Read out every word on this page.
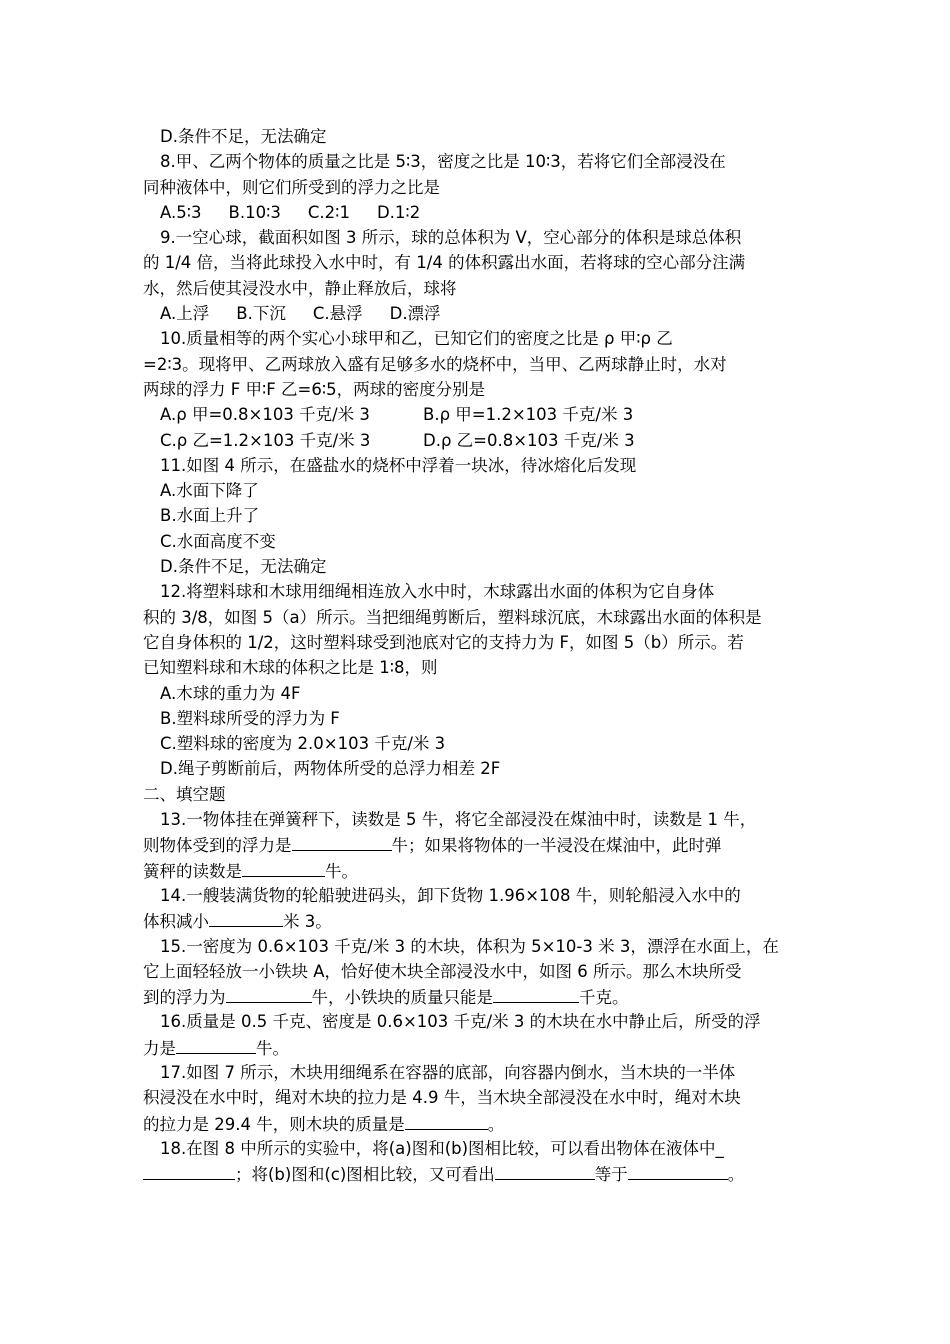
D.条件不足，无法确定
8.甲、乙两个物体的质量之比是 5∶3，密度之比是 10∶3，若将它们全部浸没在
同种液体中，则它们所受到的浮力之比是
A.5∶3 B.10∶3 C.2∶1 D.1∶2
9.一空心球，截面积如图 3 所示，球的总体积为 V，空心部分的体积是球总体积
的 1/4 倍，当将此球投入水中时，有 1/4 的体积露出水面，若将球的空心部分注满
水，然后使其浸没水中，静止释放后，球将
A.上浮 B.下沉 C.悬浮 D.漂浮
10.质量相等的两个实心小球甲和乙，已知它们的密度之比是 ρ 甲∶ρ 乙
=2∶3。现将甲、乙两球放入盛有足够多水的烧杯中，当甲、乙两球静止时，水对
两球的浮力 F 甲∶F 乙=6∶5，两球的密度分别是
A.ρ 甲=0.8×103 千克/米 3	B.ρ 甲=1.2×103 千克/米 3
C.ρ 乙=1.2×103 千克/米 3	D.ρ 乙=0.8×103 千克/米 3
11.如图 4 所示，在盛盐水的烧杯中浮着一块冰，待冰熔化后发现
A.水面下降了
B.水面上升了
C.水面高度不变
D.条件不足，无法确定
12.将塑料球和木球用细绳相连放入水中时，木球露出水面的体积为它自身体
积的 3/8，如图 5（a）所示。当把细绳剪断后，塑料球沉底，木球露出水面的体积是
它自身体积的 1/2，这时塑料球受到池底对它的支持力为 F，如图 5（b）所示。若
已知塑料球和木球的体积之比是 1∶8，则
A.木球的重力为 4F
B.塑料球所受的浮力为 F
C.塑料球的密度为 2.0×103 千克/米 3
D.绳子剪断前后，两物体所受的总浮力相差 2F
二、填空题
13.一物体挂在弹簧秤下，读数是 5 牛，将它全部浸没在煤油中时，读数是 1 牛，
则物体受到的浮力是	牛；如果将物体的一半浸没在煤油中，此时弹
簧秤的读数是	牛。
14.一艘装满货物的轮船驶进码头，卸下货物 1.96×108 牛，则轮船浸入水中的
体积减小	米 3。
15.一密度为 0.6×103 千克/米 3 的木块，体积为 5×10-3 米 3，漂浮在水面上，在
它上面轻轻放一小铁块 A，恰好使木块全部浸没水中，如图 6 所示。那么木块所受
到的浮力为	牛，小铁块的质量只能是	千克。
16.质量是 0.5 千克、密度是 0.6×103 千克/米 3 的木块在水中静止后，所受的浮
力是	牛。
17.如图 7 所示，木块用细绳系在容器的底部，向容器内倒水，当木块的一半体
积浸没在水中时，绳对木块的拉力是 4.9 牛，当木块全部浸没在水中时，绳对木块
的拉力是 29.4 牛，则木块的质量是	。
18.在图 8 中所示的实验中，将(a)图和(b)图相比较，可以看出物体在液体中_
；将(b)图和(c)图相比较，又可看出	等于	。
